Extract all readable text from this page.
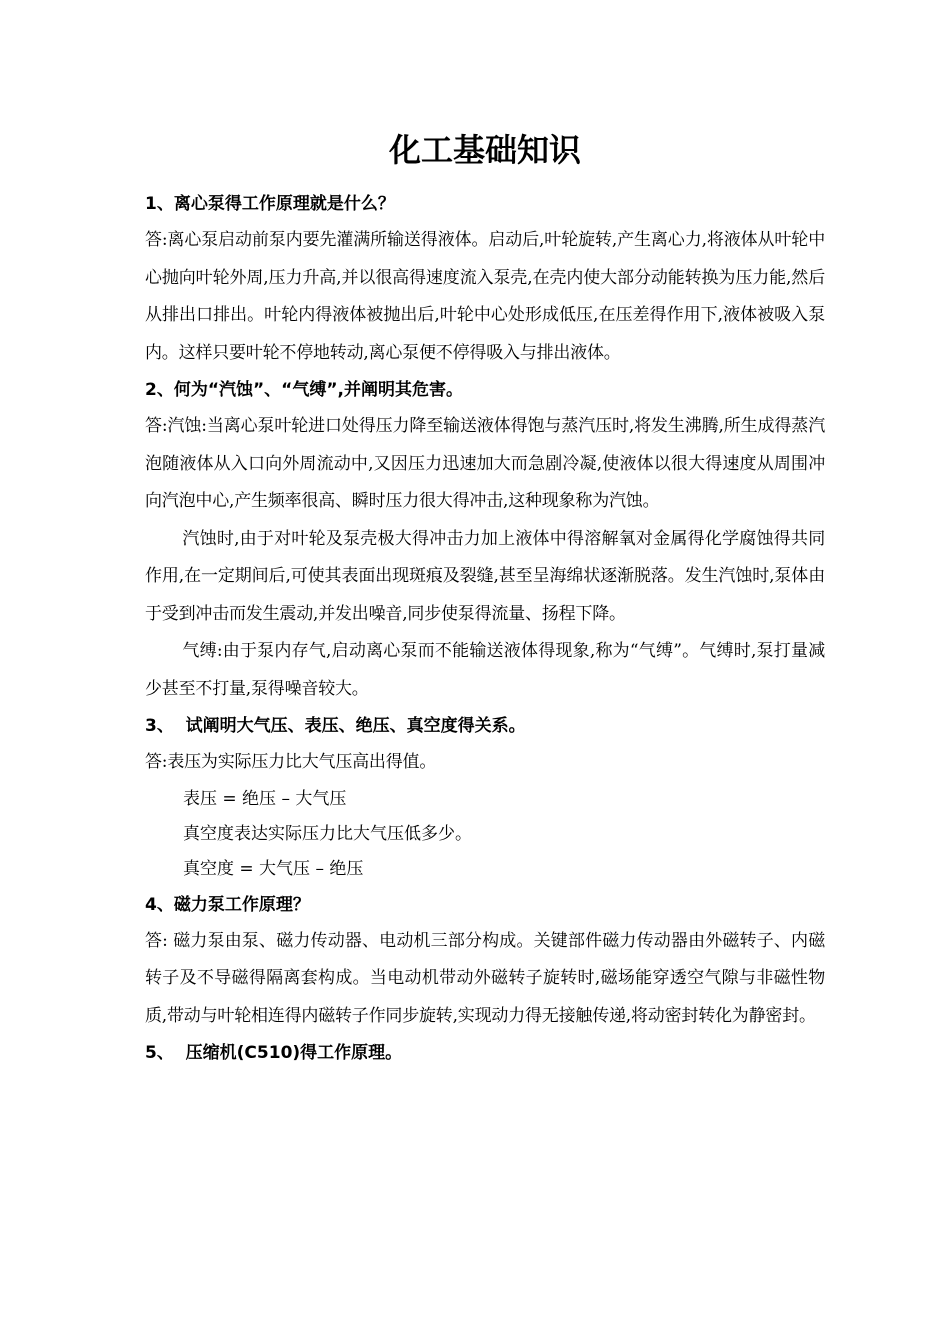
化工基础知识

1、离心泵得工作原理就是什么？

答:离心泵启动前泵内要先灌满所输送得液体。启动后,叶轮旋转,产生离心力,将液体从叶轮中心抛向叶轮外周,压力升高,并以很高得速度流入泵壳,在壳内使大部分动能转换为压力能,然后从排出口排出。叶轮内得液体被抛出后,叶轮中心处形成低压,在压差得作用下,液体被吸入泵内。这样只要叶轮不停地转动,离心泵便不停得吸入与排出液体。

2、何为“汽蚀”、“气缚”,并阐明其危害。

答:汽蚀:当离心泵叶轮进口处得压力降至输送液体得饱与蒸汽压时,将发生沸腾,所生成得蒸汽泡随液体从入口向外周流动中,又因压力迅速加大而急剧冷凝,使液体以很大得速度从周围冲向汽泡中心,产生频率很高、瞬时压力很大得冲击,这种现象称为汽蚀。

汽蚀时,由于对叶轮及泵壳极大得冲击力加上液体中得溶解氧对金属得化学腐蚀得共同作用,在一定期间后,可使其表面出现斑痕及裂缝,甚至呈海绵状逐渐脱落。发生汽蚀时,泵体由于受到冲击而发生震动,并发出噪音,同步使泵得流量、扬程下降。

气缚:由于泵内存气,启动离心泵而不能输送液体得现象,称为“气缚”。气缚时,泵打量减少甚至不打量,泵得噪音较大。

3、  试阐明大气压、表压、绝压、真空度得关系。

答:表压为实际压力比大气压高出得值。

表压 = 绝压 – 大气压

真空度表达实际压力比大气压低多少。

真空度 = 大气压 – 绝压

4、磁力泵工作原理？

答: 磁力泵由泵、磁力传动器、电动机三部分构成。关键部件磁力传动器由外磁转子、内磁转子及不导磁得隔离套构成。当电动机带动外磁转子旋转时,磁场能穿透空气隙与非磁性物质,带动与叶轮相连得内磁转子作同步旋转,实现动力得无接触传递,将动密封转化为静密封。

5、  压缩机(C510)得工作原理。
